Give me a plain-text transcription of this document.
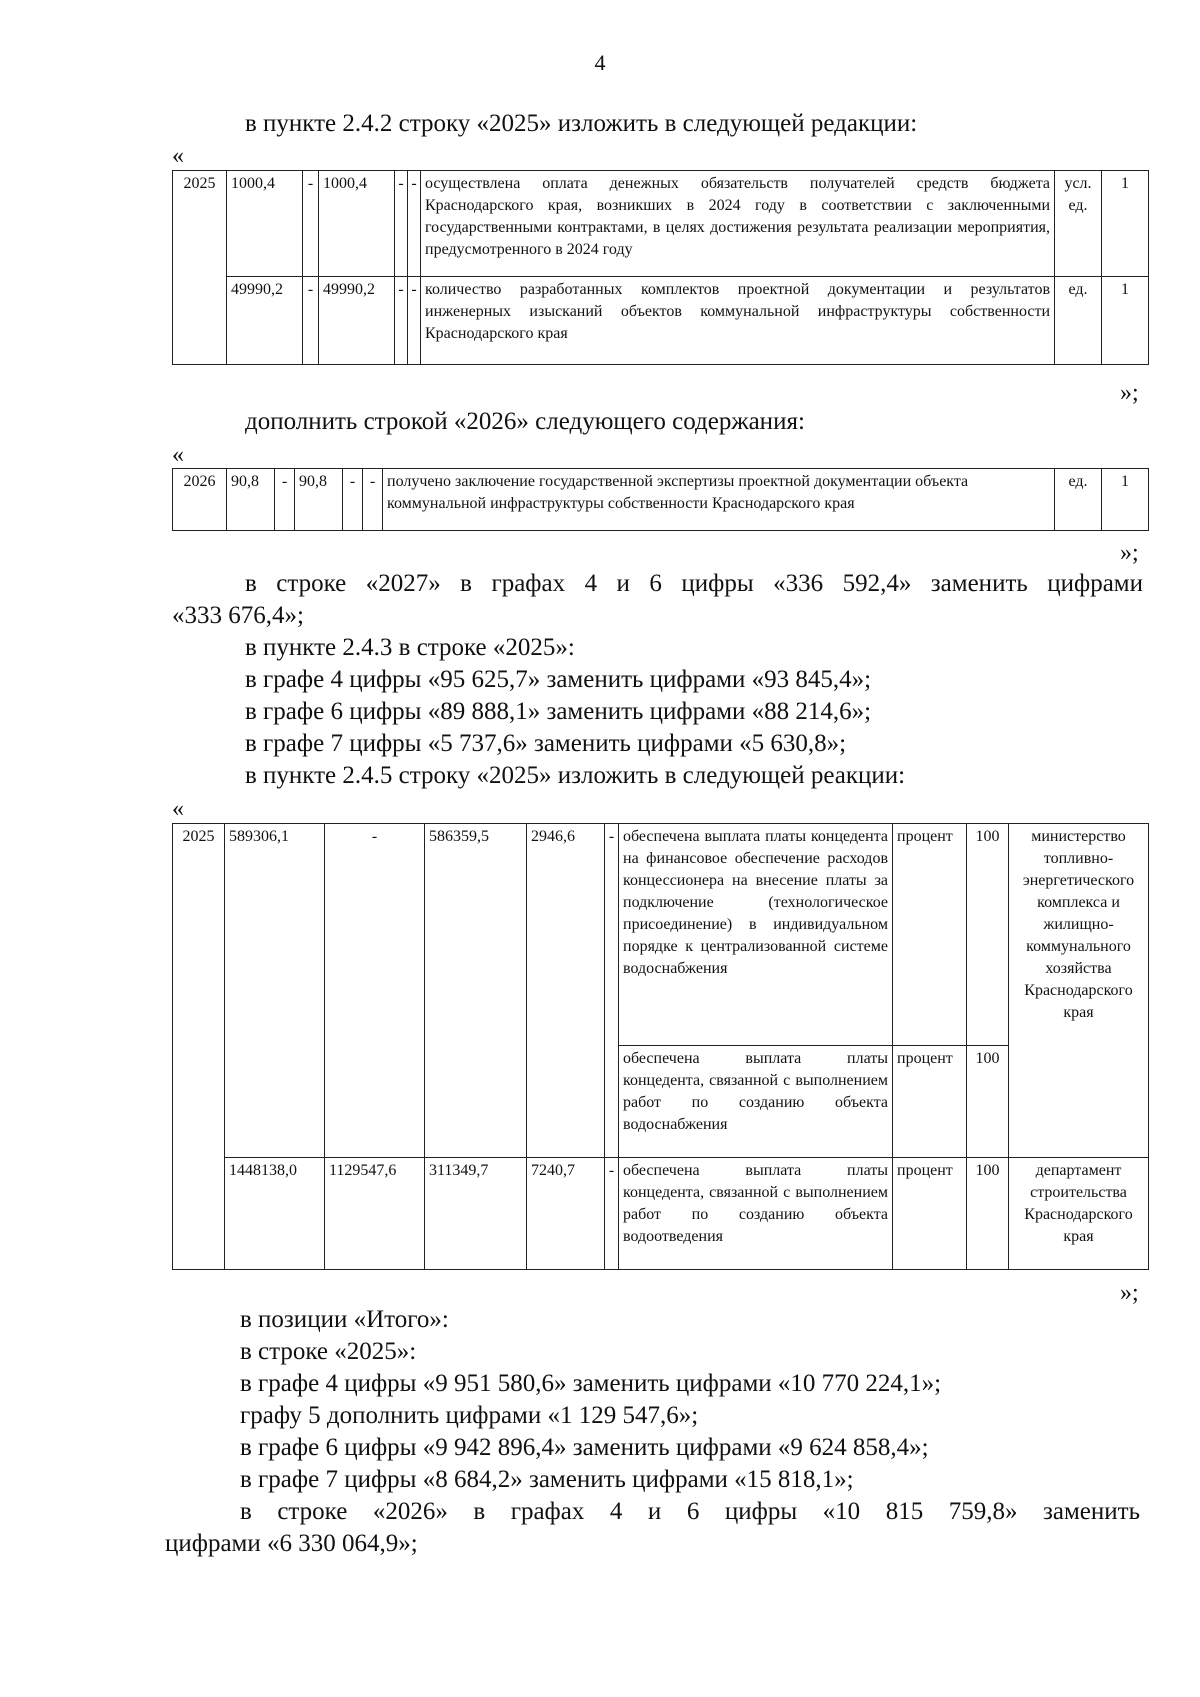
4
в пункте 2.4.2 строку «2025» изложить в следующей редакции:
«
2025	1000,4	-	1000,4	-	-	осуществлена оплата денежных обязательств получателей средств бюджета Краснодарского края, возникших в 2024 году в соответствии с заключенными государственными контрактами, в целях достижения результата реализации мероприятия, предусмотренного в 2024 году	усл. ед.	1
	49990,2	-	49990,2	-	-	количество разработанных комплектов проектной документации и результатов инженерных изысканий объектов коммунальной инфраструктуры собственности Краснодарского края	ед.	1
»;
дополнить строкой «2026» следующего содержания:
«
2026	90,8	-	90,8	-	-	получено заключение государственной экспертизы проектной документации объекта коммунальной инфраструктуры собственности Краснодарского края	ед.	1
»;
в строке «2027» в графах 4 и 6 цифры «336 592,4» заменить цифрами
«333 676,4»;
в пункте 2.4.3 в строке «2025»:
в графе 4 цифры «95 625,7» заменить цифрами «93 845,4»;
в графе 6 цифры «89 888,1» заменить цифрами «88 214,6»;
в графе 7 цифры «5 737,6» заменить цифрами «5 630,8»;
в пункте 2.4.5 строку «2025» изложить в следующей реакции:
«
2025	589306,1	-	586359,5	2946,6	-	обеспечена выплата платы концедента на финансовое обеспечение расходов концессионера на внесение платы за подключение (технологическое присоединение) в индивидуальном порядке к централизованной системе водоснабжения	процент	100	министерство топливно-энергетического комплекса и жилищно-коммунального хозяйства Краснодарского края
						обеспечена выплата платы концедента, связанной с выполнением работ по созданию объекта водоснабжения	процент	100	
	1448138,0	1129547,6	311349,7	7240,7	-	обеспечена выплата платы концедента, связанной с выполнением работ по созданию объекта водоотведения	процент	100	департамент строительства Краснодарского края
»;
в позиции «Итого»:
в строке «2025»:
в графе 4 цифры «9 951 580,6» заменить цифрами «10 770 224,1»;
графу 5 дополнить цифрами «1 129 547,6»;
в графе 6 цифры «9 942 896,4» заменить цифрами «9 624 858,4»;
в графе 7 цифры «8 684,2» заменить цифрами «15 818,1»;
в строке «2026» в графах 4 и 6 цифры «10 815 759,8» заменить
цифрами «6 330 064,9»;
